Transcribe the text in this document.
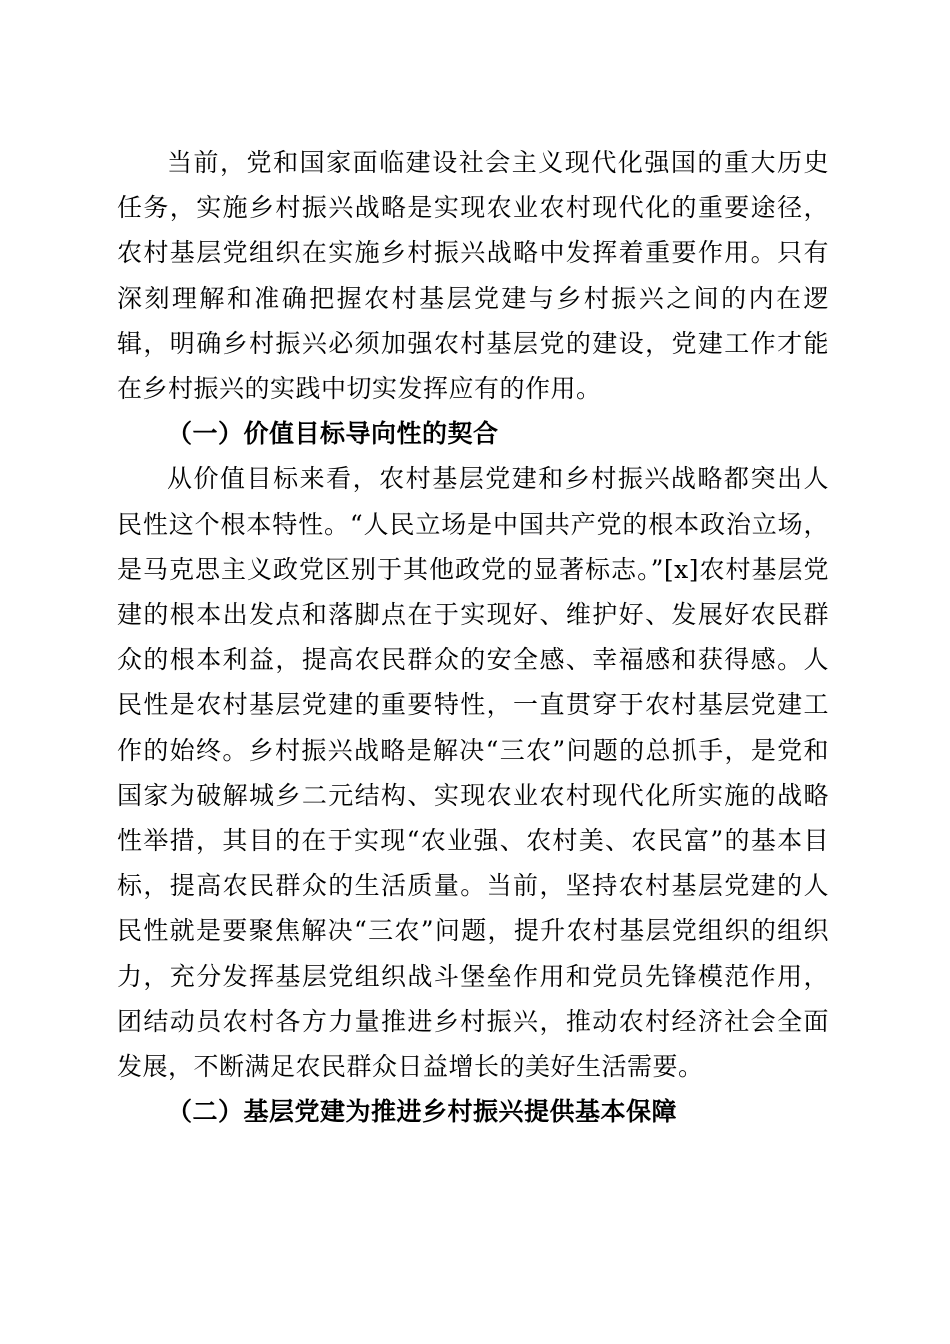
当前，党和国家面临建设社会主义现代化强国的重大历史任务，实施乡村振兴战略是实现农业农村现代化的重要途径，农村基层党组织在实施乡村振兴战略中发挥着重要作用。只有深刻理解和准确把握农村基层党建与乡村振兴之间的内在逻辑，明确乡村振兴必须加强农村基层党的建设，党建工作才能在乡村振兴的实践中切实发挥应有的作用。

（一）价值目标导向性的契合

从价值目标来看，农村基层党建和乡村振兴战略都突出人民性这个根本特性。“人民立场是中国共产党的根本政治立场，是马克思主义政党区别于其他政党的显著标志。”[x]农村基层党建的根本出发点和落脚点在于实现好、维护好、发展好农民群众的根本利益，提高农民群众的安全感、幸福感和获得感。人民性是农村基层党建的重要特性，一直贯穿于农村基层党建工作的始终。乡村振兴战略是解决“三农”问题的总抓手，是党和国家为破解城乡二元结构、实现农业农村现代化所实施的战略性举措，其目的在于实现“农业强、农村美、农民富”的基本目标，提高农民群众的生活质量。当前，坚持农村基层党建的人民性就是要聚焦解决“三农”问题，提升农村基层党组织的组织力，充分发挥基层党组织战斗堡垒作用和党员先锋模范作用，团结动员农村各方力量推进乡村振兴，推动农村经济社会全面发展，不断满足农民群众日益增长的美好生活需要。

（二）基层党建为推进乡村振兴提供基本保障
